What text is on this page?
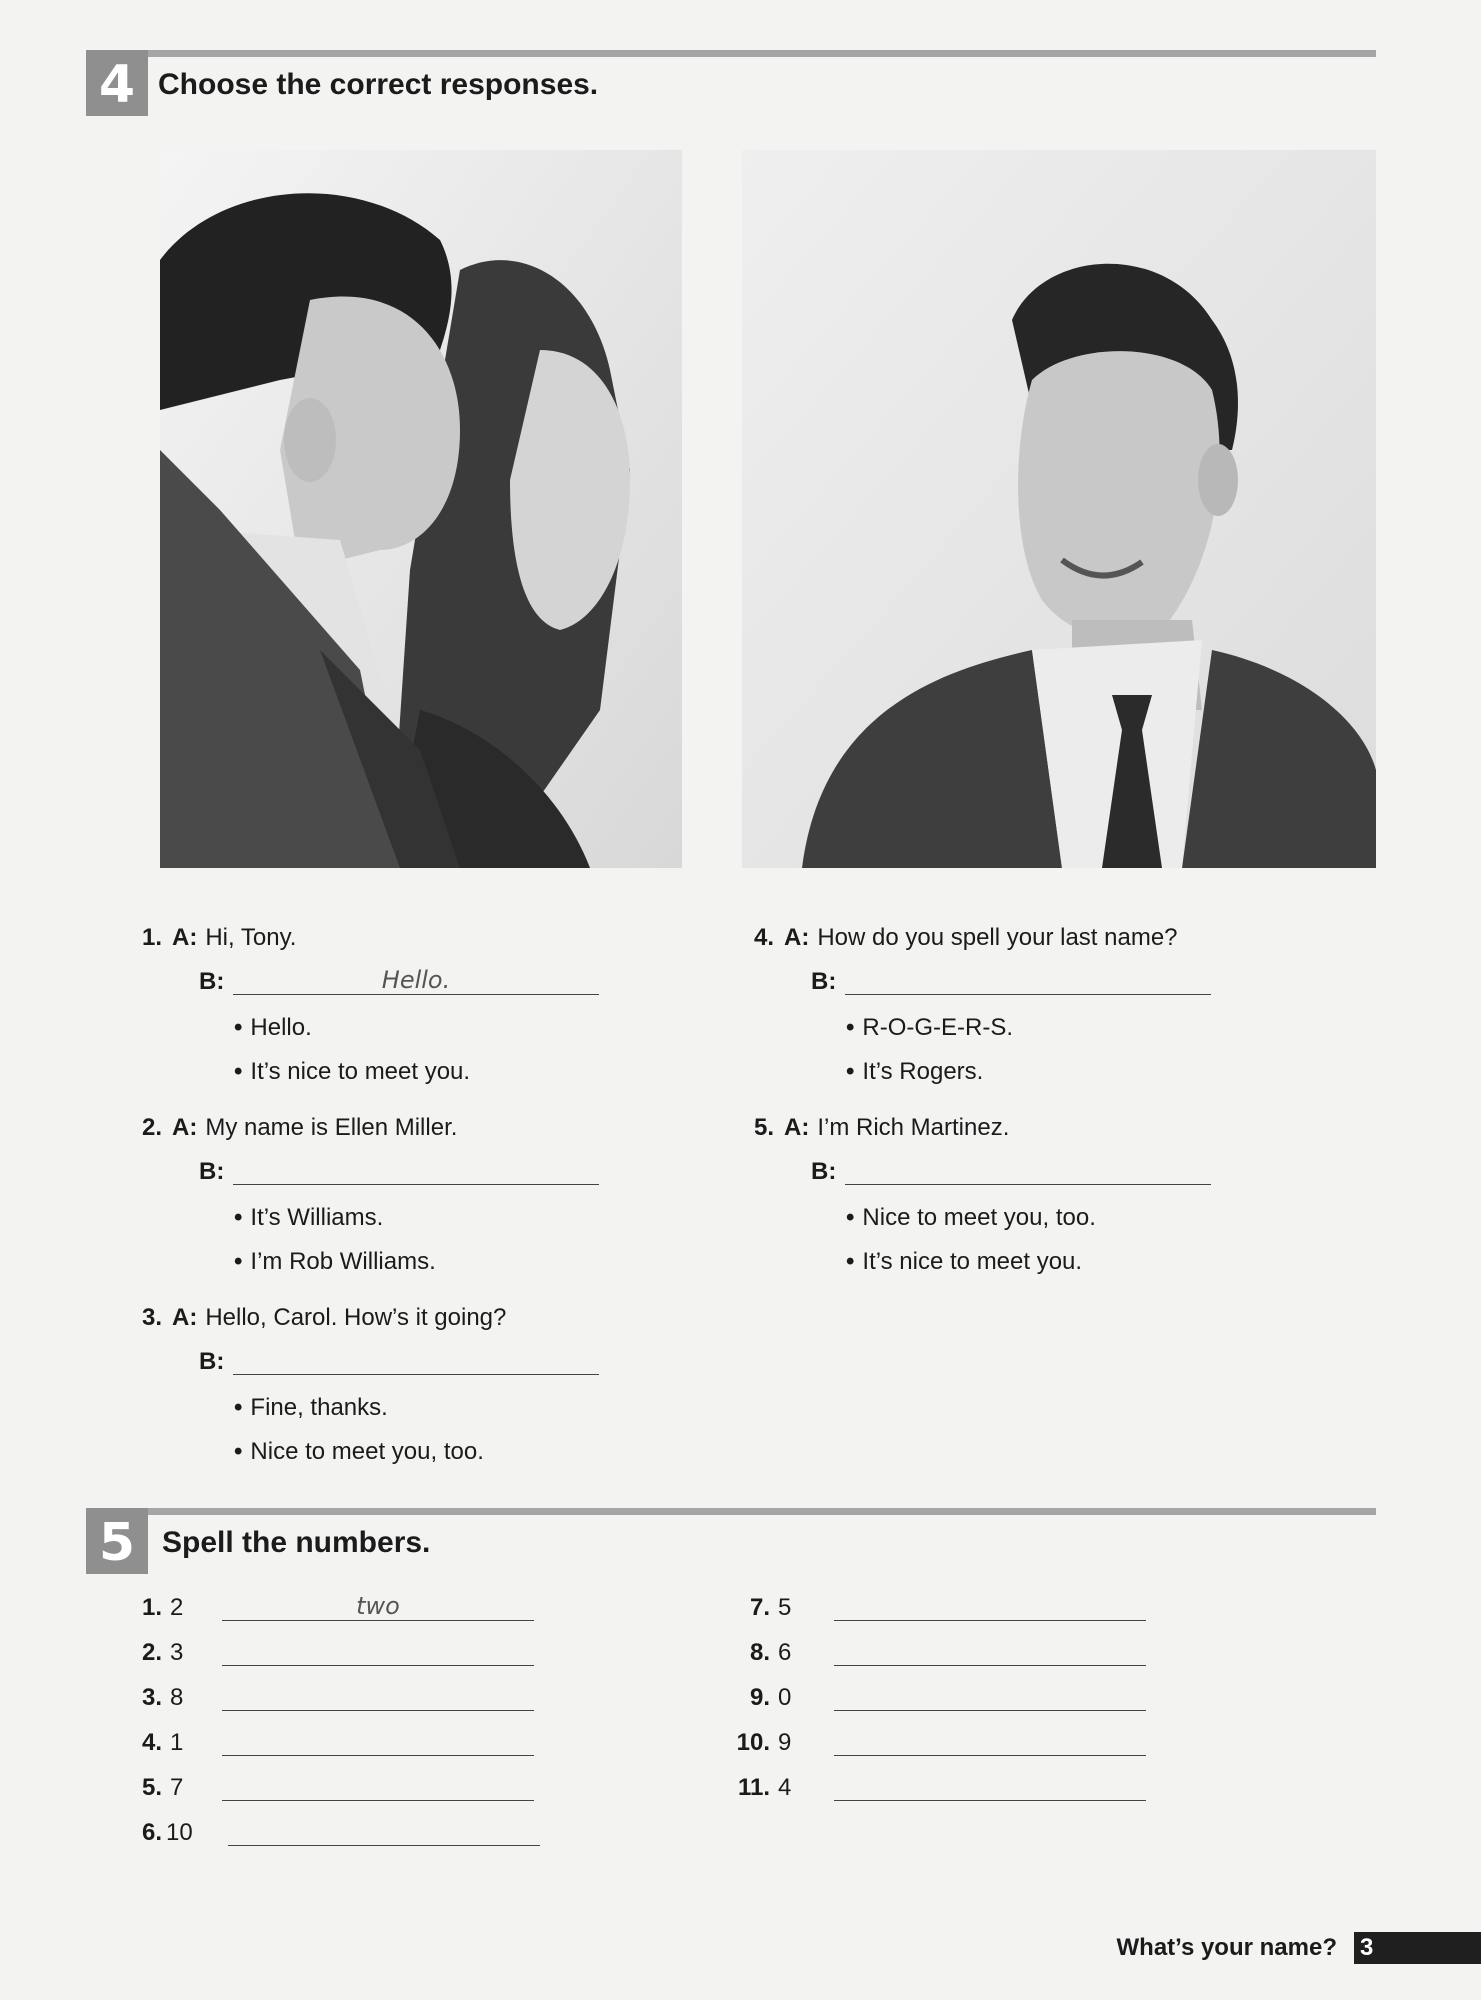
4 Choose the correct responses.
1. A: Hi, Tony.
B:	Hello.
• Hello.
• It’s nice to meet you.
2. A: My name is Ellen Miller.
B:
• It’s Williams.
• I’m Rob Williams.
3. A: Hello, Carol. How’s it going?
B:
• Fine, thanks.
• Nice to meet you, too.
4. A: How do you spell your last name?
B:
• R-O-G-E-R-S.
• It’s Rogers.
5. A: I’m Rich Martinez.
B:
• Nice to meet you, too.
• It’s nice to meet you.
5 Spell the numbers.
1. 2	two
2. 3
3. 8
4. 1
5. 7
6. 10
7. 5
8. 6
9. 0
10. 9
11. 4
What’s your name? 3
